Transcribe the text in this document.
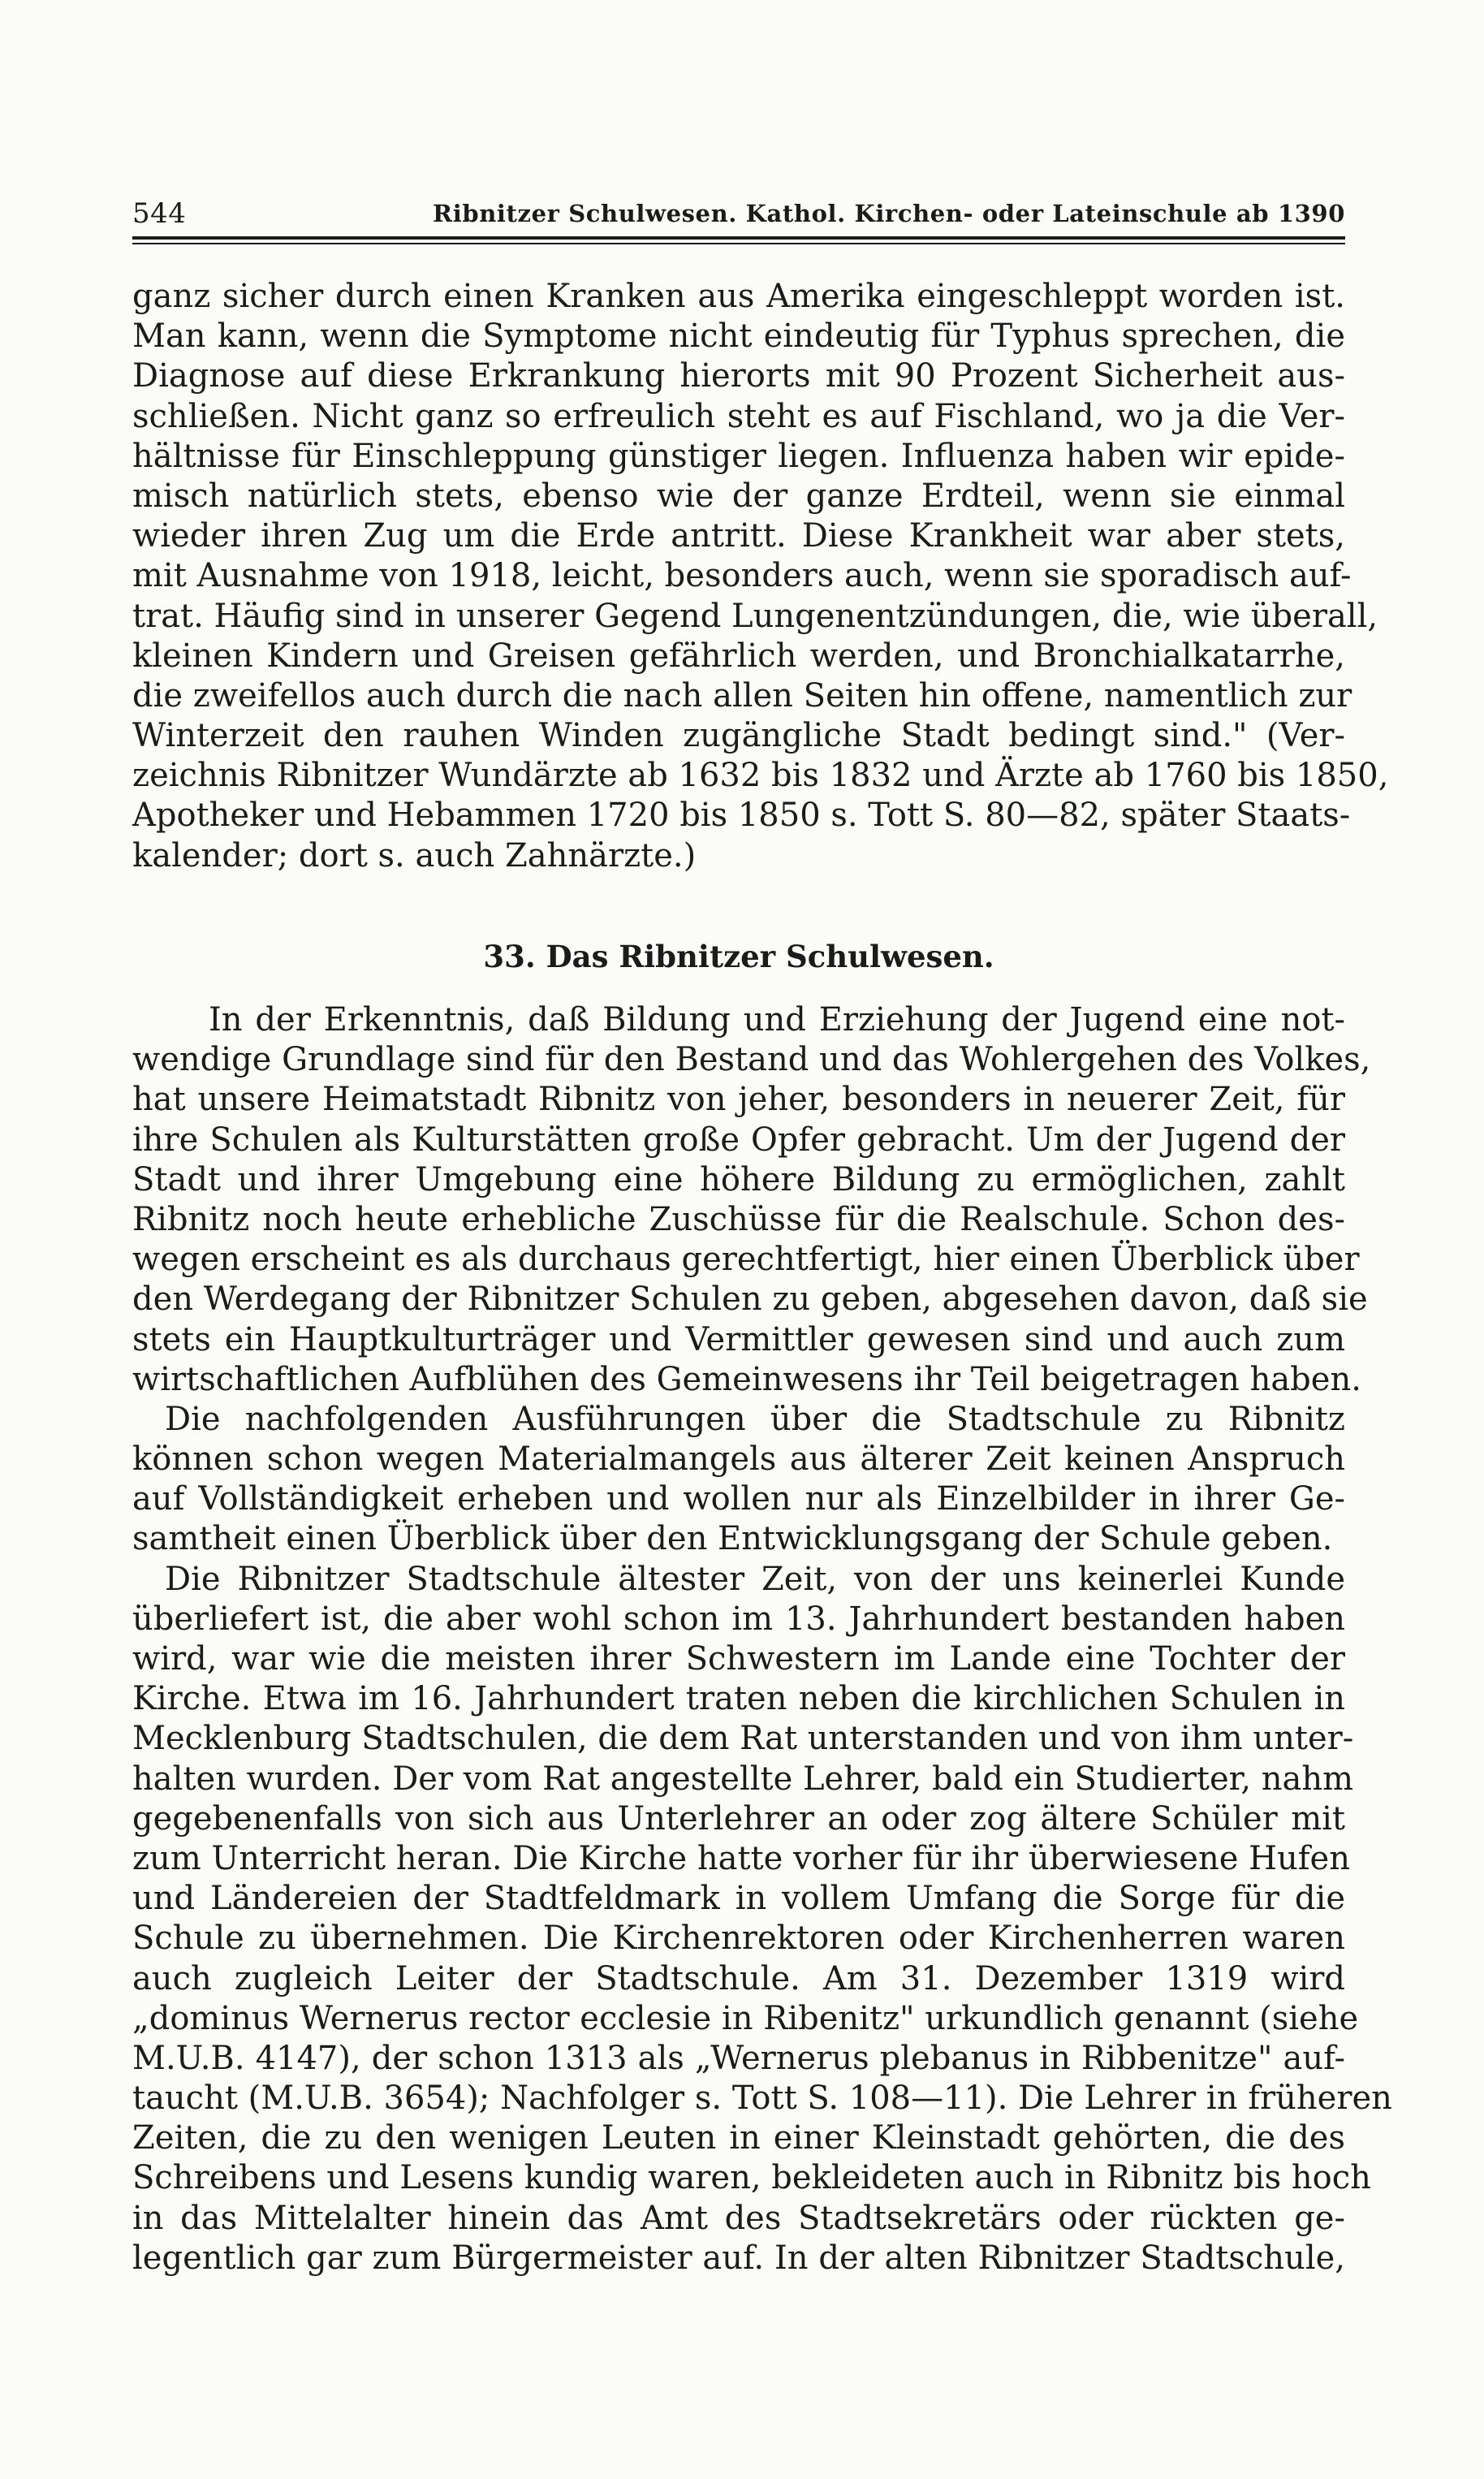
544	Ribnitzer Schulwesen. Kathol. Kirchen- oder Lateinschule ab 1390
ganz sicher durch einen Kranken aus Amerika eingeschleppt worden ist.
Man kann, wenn die Symptome nicht eindeutig für Typhus sprechen, die
Diagnose auf diese Erkrankung hierorts mit 90 Prozent Sicherheit aus-
schließen. Nicht ganz so erfreulich steht es auf Fischland, wo ja die Ver-
hältnisse für Einschleppung günstiger liegen. Influenza haben wir epide-
misch natürlich stets, ebenso wie der ganze Erdteil, wenn sie einmal
wieder ihren Zug um die Erde antritt. Diese Krankheit war aber stets,
mit Ausnahme von 1918, leicht, besonders auch, wenn sie sporadisch auf-
trat. Häufig sind in unserer Gegend Lungenentzündungen, die, wie überall,
kleinen Kindern und Greisen gefährlich werden, und Bronchialkatarrhe,
die zweifellos auch durch die nach allen Seiten hin offene, namentlich zur
Winterzeit den rauhen Winden zugängliche Stadt bedingt sind." (Ver-
zeichnis Ribnitzer Wundärzte ab 1632 bis 1832 und Ärzte ab 1760 bis 1850,
Apotheker und Hebammen 1720 bis 1850 s. Tott S. 80—82, später Staats-
kalender; dort s. auch Zahnärzte.)
33. Das Ribnitzer Schulwesen.
In der Erkenntnis, daß Bildung und Erziehung der Jugend eine not-
wendige Grundlage sind für den Bestand und das Wohlergehen des Volkes,
hat unsere Heimatstadt Ribnitz von jeher, besonders in neuerer Zeit, für
ihre Schulen als Kulturstätten große Opfer gebracht. Um der Jugend der
Stadt und ihrer Umgebung eine höhere Bildung zu ermöglichen, zahlt
Ribnitz noch heute erhebliche Zuschüsse für die Realschule. Schon des-
wegen erscheint es als durchaus gerechtfertigt, hier einen Überblick über
den Werdegang der Ribnitzer Schulen zu geben, abgesehen davon, daß sie
stets ein Hauptkulturträger und Vermittler gewesen sind und auch zum
wirtschaftlichen Aufblühen des Gemeinwesens ihr Teil beigetragen haben.
Die nachfolgenden Ausführungen über die Stadtschule zu Ribnitz
können schon wegen Materialmangels aus älterer Zeit keinen Anspruch
auf Vollständigkeit erheben und wollen nur als Einzelbilder in ihrer Ge-
samtheit einen Überblick über den Entwicklungsgang der Schule geben.
Die Ribnitzer Stadtschule ältester Zeit, von der uns keinerlei Kunde
überliefert ist, die aber wohl schon im 13. Jahrhundert bestanden haben
wird, war wie die meisten ihrer Schwestern im Lande eine Tochter der
Kirche. Etwa im 16. Jahrhundert traten neben die kirchlichen Schulen in
Mecklenburg Stadtschulen, die dem Rat unterstanden und von ihm unter-
halten wurden. Der vom Rat angestellte Lehrer, bald ein Studierter, nahm
gegebenenfalls von sich aus Unterlehrer an oder zog ältere Schüler mit
zum Unterricht heran. Die Kirche hatte vorher für ihr überwiesene Hufen
und Ländereien der Stadtfeldmark in vollem Umfang die Sorge für die
Schule zu übernehmen. Die Kirchenrektoren oder Kirchenherren waren
auch zugleich Leiter der Stadtschule. Am 31. Dezember 1319 wird
„dominus Wernerus rector ecclesie in Ribenitz" urkundlich genannt (siehe
M.U.B. 4147), der schon 1313 als „Wernerus plebanus in Ribbenitze" auf-
taucht (M.U.B. 3654); Nachfolger s. Tott S. 108—11). Die Lehrer in früheren
Zeiten, die zu den wenigen Leuten in einer Kleinstadt gehörten, die des
Schreibens und Lesens kundig waren, bekleideten auch in Ribnitz bis hoch
in das Mittelalter hinein das Amt des Stadtsekretärs oder rückten ge-
legentlich gar zum Bürgermeister auf. In der alten Ribnitzer Stadtschule,
